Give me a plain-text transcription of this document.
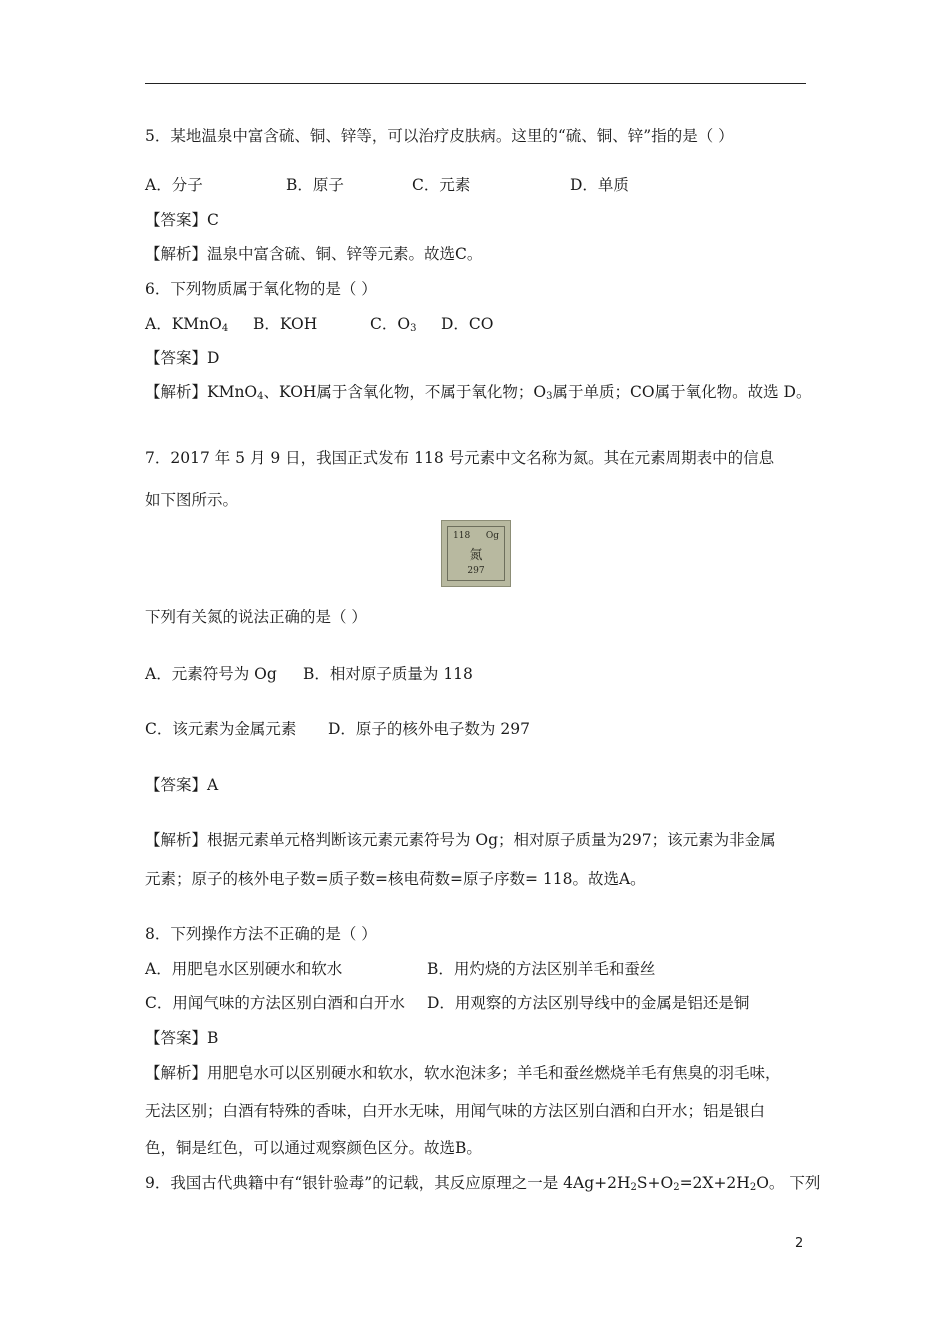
5．某地温泉中富含硫、铜、锌等，可以治疗皮肤病。这里的“硫、铜、锌”指的是（ ）
A．分子	B．原子	C．元素	D．单质
【答案】C
【解析】温泉中富含硫、铜、锌等元素。故选C。
6．下列物质属于氧化物的是（ ）
A．KMnO$_4$ B．KOH	C．$O_3$ D．CO
【答案】D
【解析】KMnO$_4$、KOH属于含氧化物，不属于氧化物；$O_3$属于单质；CO属于氧化物。故选 D。
7．2017 年 5 月 9 日，我国正式发布 118 号元素中文名称为氮。其在元素周期表中的信息
如下图所示。
118 Og
氮
297
下列有关氮的说法正确的是（ ）
A．元素符号为 Og B．相对原子质量为 118
C．该元素为金属元素 D．原子的核外电子数为 297
【答案】A
【解析】根据元素单元格判断该元素元素符号为 Og；相对原子质量为297；该元素为非金属
元素；原子的核外电子数=质子数=核电荷数=原子序数= 118。故选A。
8．下列操作方法不正确的是（ ）
A．用肥皂水区别硬水和软水	B．用灼烧的方法区别羊毛和蚕丝
C．用闻气味的方法区别白酒和白开水 D．用观察的方法区别导线中的金属是铝还是铜
【答案】B
【解析】用肥皂水可以区别硬水和软水，软水泡沫多；羊毛和蚕丝燃烧羊毛有焦臭的羽毛味，
无法区别；白酒有特殊的香味，白开水无味，用闻气味的方法区别白酒和白开水；铝是银白
色，铜是红色，可以通过观察颜色区分。故选B。
9．我国古代典籍中有“银针验毒”的记载，其反应原理之一是 $4Ag+2H_2S+O_2=2X+2H_2O$。 下列
2
